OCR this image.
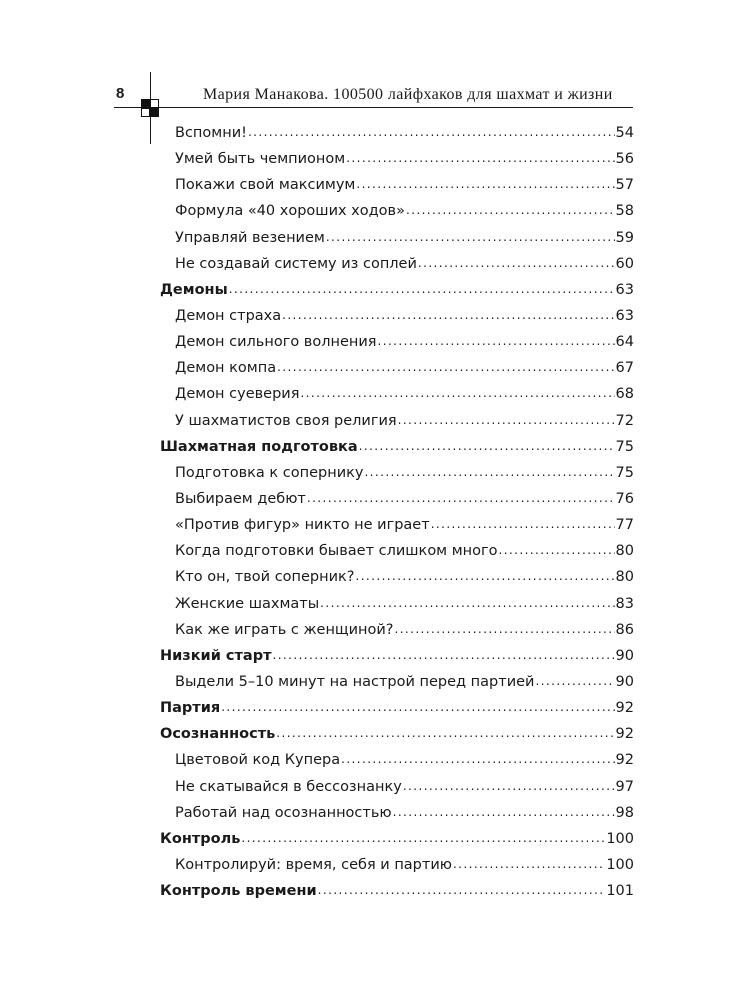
8	Мария Манакова. 100500 лайфхаков для шахмат и жизни
Вспомни! .....	54
Умей быть чемпионом .....	56
Покажи свой максимум .....	57
Формула «40 хороших ходов» .....	58
Управляй везением .....	59
Не создавай систему из соплей .....	60
Демоны .....	63
Демон страха .....	63
Демон сильного волнения .....	64
Демон компа .....	67
Демон суеверия .....	68
У шахматистов своя религия .....	72
Шахматная подготовка .....	75
Подготовка к сопернику .....	75
Выбираем дебют .....	76
«Против фигур» никто не играет .....	77
Когда подготовки бывает слишком много .....	80
Кто он, твой соперник? .....	80
Женские шахматы .....	83
Как же играть с женщиной? .....	86
Низкий старт .....	90
Выдели 5–10 минут на настрой перед партией .....	90
Партия .....	92
Осознанность .....	92
Цветовой код Купера .....	92
Не скатывайся в бессознанку .....	97
Работай над осознанностью .....	98
Контроль .....	100
Контролируй: время, себя и партию .....	100
Контроль времени .....	101
